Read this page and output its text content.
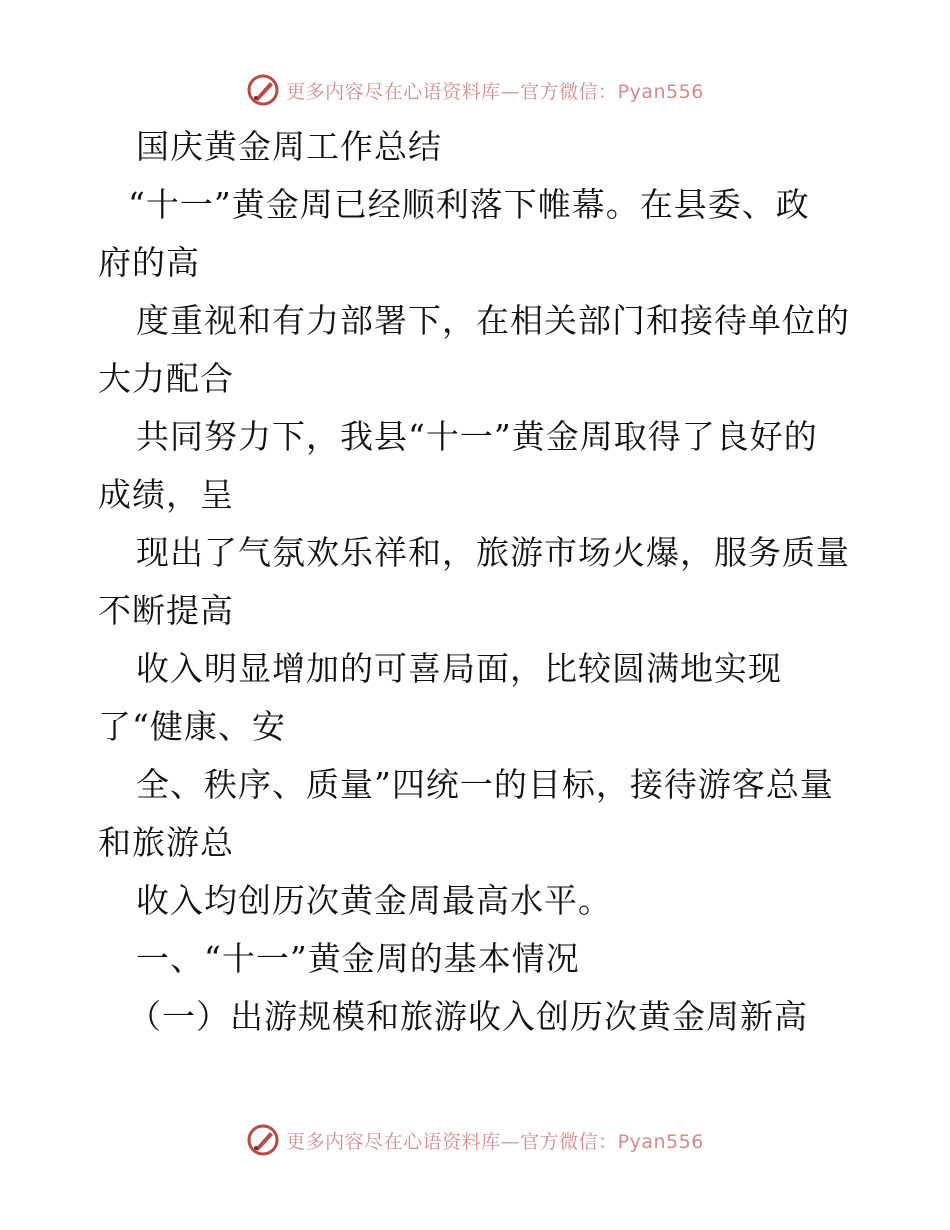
更多内容尽在心语资料库—官方微信：Pyan556
国庆黄金周工作总结
“十一”黄金周已经顺利落下帷幕。在县委、政
府的高
度重视和有力部署下，在相关部门和接待单位的
大力配合
共同努力下，我县“十一”黄金周取得了良好的
成绩，呈
现出了气氛欢乐祥和，旅游市场火爆，服务质量
不断提高
收入明显增加的可喜局面，比较圆满地实现
了“健康、安
全、秩序、质量”四统一的目标，接待游客总量
和旅游总
收入均创历次黄金周最高水平。
一、“十一”黄金周的基本情况
（一）出游规模和旅游收入创历次黄金周新高
更多内容尽在心语资料库—官方微信：Pyan556
